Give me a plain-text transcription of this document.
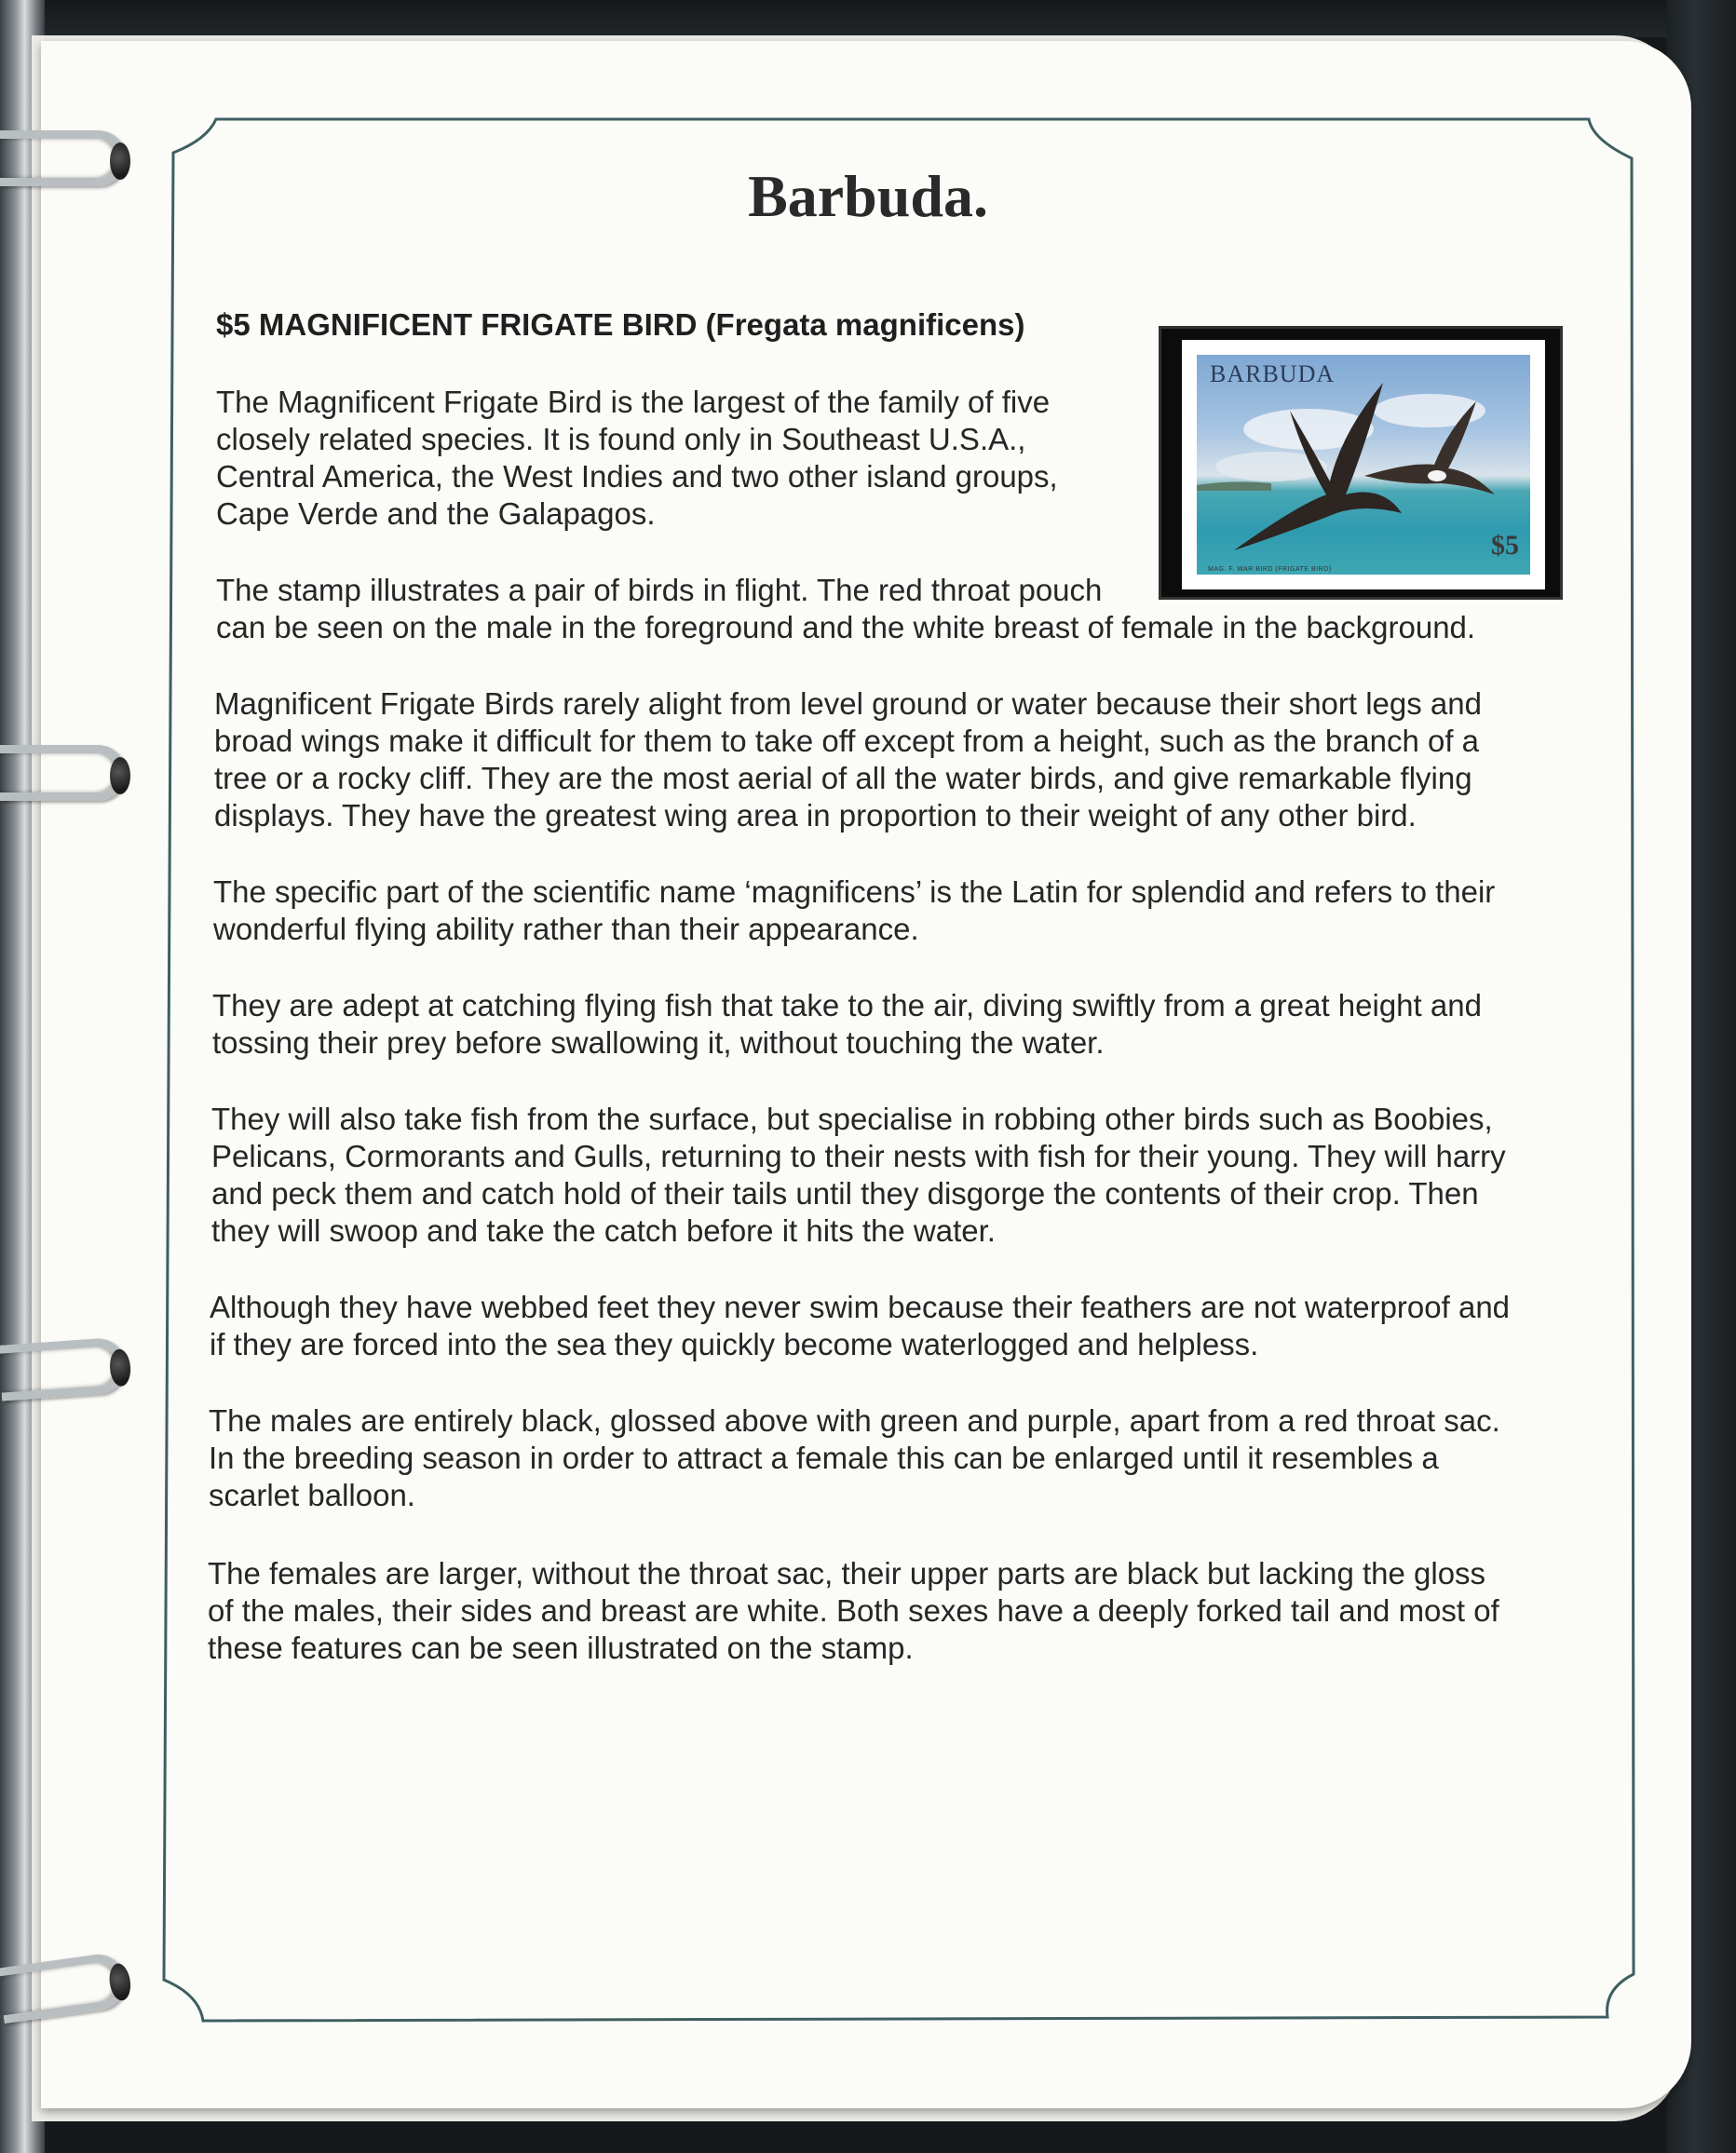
Barbuda.
$5 MAGNIFICENT FRIGATE BIRD (Fregata magnificens)
The Magnificent Frigate Bird is the largest of the family of five
closely related species. It is found only in Southeast U.S.A.,
Central America, the West Indies and two other island groups,
Cape Verde and the Galapagos.
The stamp illustrates a pair of birds in flight. The red throat pouch
can be seen on the male in the foreground and the white breast of female in the background.
Magnificent Frigate Birds rarely alight from level ground or water because their short legs and
broad wings make it difficult for them to take off except from a height, such as the branch of a
tree or a rocky cliff. They are the most aerial of all the water birds, and give remarkable flying
displays. They have the greatest wing area in proportion to their weight of any other bird.
The specific part of the scientific name ‘magnificens’ is the Latin for splendid and refers to their
wonderful flying ability rather than their appearance.
They are adept at catching flying fish that take to the air, diving swiftly from a great height and
tossing their prey before swallowing it, without touching the water.
They will also take fish from the surface, but specialise in robbing other birds such as Boobies,
Pelicans, Cormorants and Gulls, returning to their nests with fish for their young. They will harry
and peck them and catch hold of their tails until they disgorge the contents of their crop. Then
they will swoop and take the catch before it hits the water.
Although they have webbed feet they never swim because their feathers are not waterproof and
if they are forced into the sea they quickly become waterlogged and helpless.
The males are entirely black, glossed above with green and purple, apart from a red throat sac.
In the breeding season in order to attract a female this can be enlarged until it resembles a
scarlet balloon.
The females are larger, without the throat sac, their upper parts are black but lacking the gloss
of the males, their sides and breast are white. Both sexes have a deeply forked tail and most of
these features can be seen illustrated on the stamp.
BARBUDA
$5
MAG. F. WAR BIRD (FRIGATE BIRD)
